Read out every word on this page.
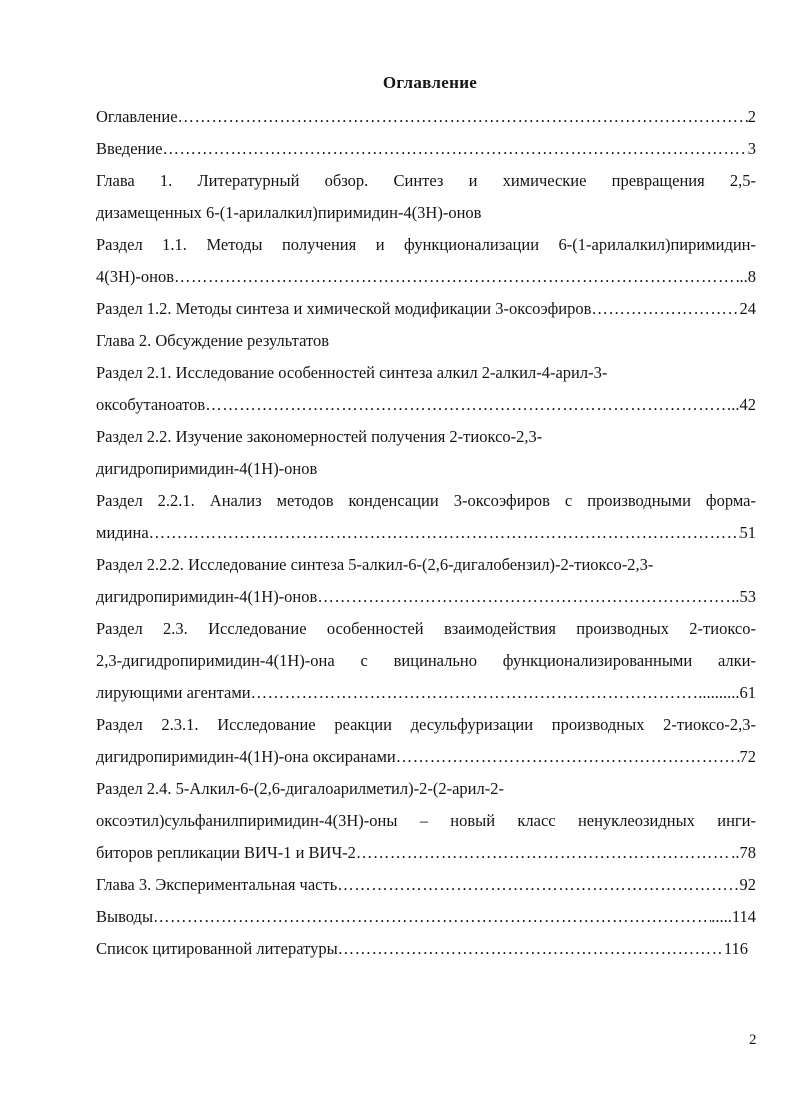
Оглавление
Оглавление ………………………………………………………………………………………………………………………………………………………………………………………………	2
Введение ………………………………………………………………………………………………………………………………………………………………………………………………	3
Глава 1. Литературный обзор. Синтез и химические превращения 2,5-
дизамещенных 6-(1-арилалкил)пиримидин-4(3H)-онов
Раздел 1.1. Методы получения и функционализации 6-(1-арилалкил)пиримидин-
4(3H)-онов ………………………………………………………………………………………………………………………………………………………………………………………………	..8
Раздел 1.2. Методы синтеза и химической модификации 3-оксоэфиров ………………………………………………………………………………………………………………………………………………………………………………………………	24
Глава 2. Обсуждение результатов
Раздел 2.1. Исследование особенностей синтеза алкил 2-алкил-4-арил-3-
оксобутаноатов ………………………………………………………………………………………………………………………………………………………………………………………………	..42
Раздел 2.2. Изучение закономерностей получения 2-тиоксо-2,3-
дигидропиримидин-4(1H)-онов
Раздел 2.2.1. Анализ методов конденсации 3-оксоэфиров с производными форма-
мидина ………………………………………………………………………………………………………………………………………………………………………………………………	51
Раздел 2.2.2. Исследование синтеза 5-алкил-6-(2,6-дигалобензил)-2-тиоксо-2,3-
дигидропиримидин-4(1H)-онов ………………………………………………………………………………………………………………………………………………………………………………………………	..53
Раздел 2.3. Исследование особенностей взаимодействия производных 2-тиоксо-
2,3-дигидропиримидин-4(1H)-она с вицинально функционализированными алки-
лирующими агентами ………………………………………………………………………………………………………………………………………………………………………………………………	..........61
Раздел 2.3.1. Исследование реакции десульфуризации производных 2-тиоксо-2,3-
дигидропиримидин-4(1H)-она оксиранами ………………………………………………………………………………………………………………………………………………………………………………………………	72
Раздел 2.4. 5-Алкил-6-(2,6-дигалоарилметил)-2-(2-арил-2-
оксоэтил)сульфанилпиримидин-4(3H)-оны – новый класс ненуклеозидных инги-
биторов репликации ВИЧ-1 и ВИЧ-2 ………………………………………………………………………………………………………………………………………………………………………………………………	..78
Глава 3. Экспериментальная часть ………………………………………………………………………………………………………………………………………………………………………………………………	92
Выводы ………………………………………………………………………………………………………………………………………………………………………………………………	.....114
Список цитированной литературы ………………………………………………………………………………………………………………………………………………………………………………………………	116
2
